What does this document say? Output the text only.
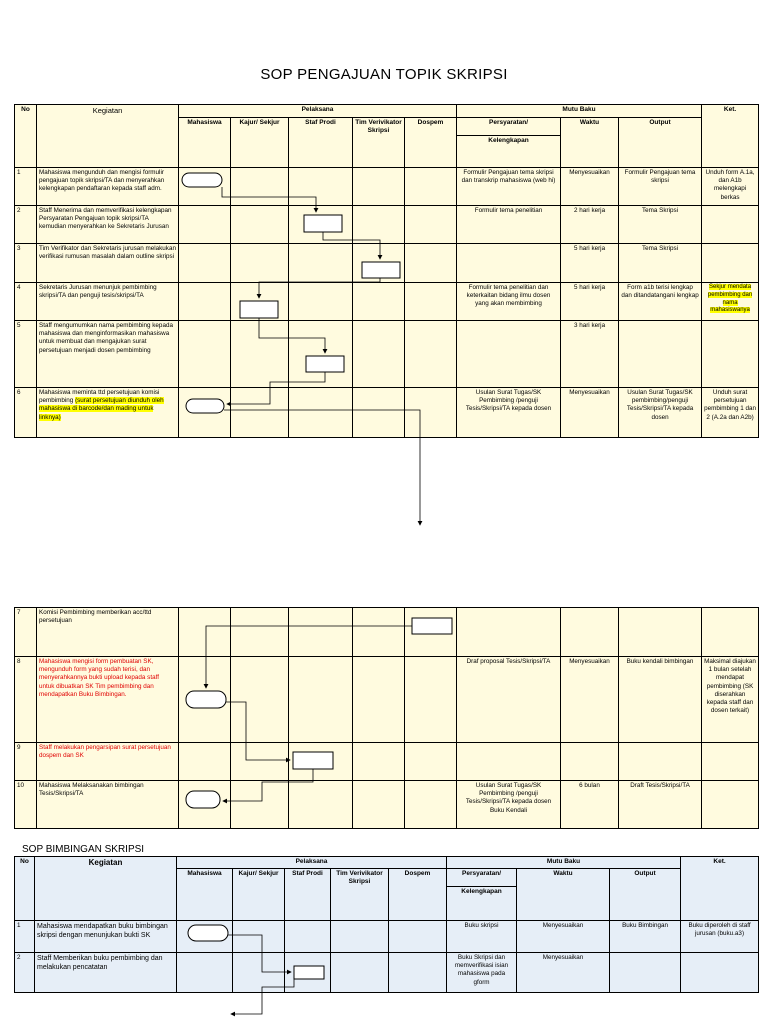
SOP PENGAJUAN TOPIK SKRIPSI
No	Kegiatan	Pelaksana					Mutu Baku			Ket.
		Mahasiswa	Kajur/ Sekjur	Staf Prodi	Tim Verivikator Skripsi	Dospem	Persyaratan/	Waktu	Output	
							Kelengkapan			
1	Mahasiswa mengunduh dan mengisi formulir pengajuan topik skripsi/TA dan menyerahkan kelengkapan pendaftaran kepada staff adm.						Formulir Pengajuan tema skripsi dan transkrip mahasiswa (web hi)	Menyesuaikan	Formulir Pengajuan tema skripsi	Unduh form A.1a, dan A1b melengkapi berkas
2	Staff Menerima dan memverifikasi kelengkapan Persyaratan Pengajuan topik skripsi/TA kemudian menyerahkan ke Sekretaris Jurusan						Formulir tema penelitian	2 hari kerja	Tema Skripsi	
3	Tim Verifikator dan Sekretaris jurusan melakukan verifikasi rumusan masalah dalam outline skripsi							5 hari kerja	Tema Skripsi	
4	Sekretaris Jurusan menunjuk pembimbing skripsi/TA dan penguji tesis/skripsi/TA						Formulir tema penelitian dan keterkaitan bidang ilmu dosen yang akan membimbing	5 hari kerja	Form a1b terisi lengkap dan ditandatangani lengkap	Sekjur mendata pembimbing dan nama mahasiswanya
5	Staff mengumumkan nama pembimbing kepada mahasiswa dan menginformasikan mahasiswa untuk membuat dan mengajukan surat persetujuan menjadi dosen pembimbing							3 hari kerja		
6	Mahasiswa meminta ttd persetujuan komisi pembimbing (surat persetujuan diunduh oleh mahasiswa di barcode/dan mading untuk linknya)						Usulan Surat Tugas/SK Pembimbing /penguji Tesis/Skripsi/TA kepada dosen	Menyesuaikan	Usulan Surat Tugas/SK pembimbing/penguji Tesis/Skripsi/TA kepada dosen	Unduh surat persetujuan pembimbing 1 dan 2 (A.2a dan A2b)
7	Komisi Pembimbing memberikan acc/ttd persetujuan									
8	Mahasiswa mengisi form pembuatan SK, mengunduh form yang sudah terisi, dan menyerahkannya bukti upload kepada staff untuk dibuatkan SK Tim pembimbing dan mendapatkan Buku Bimbingan.						Draf proposal Tesis/Skripsi/TA	Menyesuaikan	Buku kendali bimbingan	Maksimal diajukan 1 bulan setelah mendapat pembimbing (SK diserahkan kepada staff dan dosen terkait)
9	Staff melakukan pengarsipan surat persetujuan dospem dan SK									
10	Mahasiswa Melaksanakan bimbingan Tesis/Skripsi/TA						Usulan Surat Tugas/SK Pembimbing /penguji Tesis/Skripsi/TA kepada dosen Buku Kendali	6 bulan	Draft Tesis/Skripsi/TA	
SOP BIMBINGAN SKRIPSI
No	Kegiatan	Pelaksana					Mutu Baku			Ket.
		Mahasiswa	Kajur/ Sekjur	Staf Prodi	Tim Verivikator Skripsi	Dospem	Persyaratan/	Waktu	Output	
							Kelengkapan			
1	Mahasiswa mendapatkan buku bimbingan skripsi dengan menunjukan bukti SK						Buku skripsi	Menyesuaikan	Buku Bimbingan	Buku diperoleh di staff jurusan (buku.a3)
2	Staff Memberikan buku pembimbing dan melakukan pencatatan						Buku Skripsi dan memverifikasi isian mahasiswa pada gform	Menyesuaikan		
